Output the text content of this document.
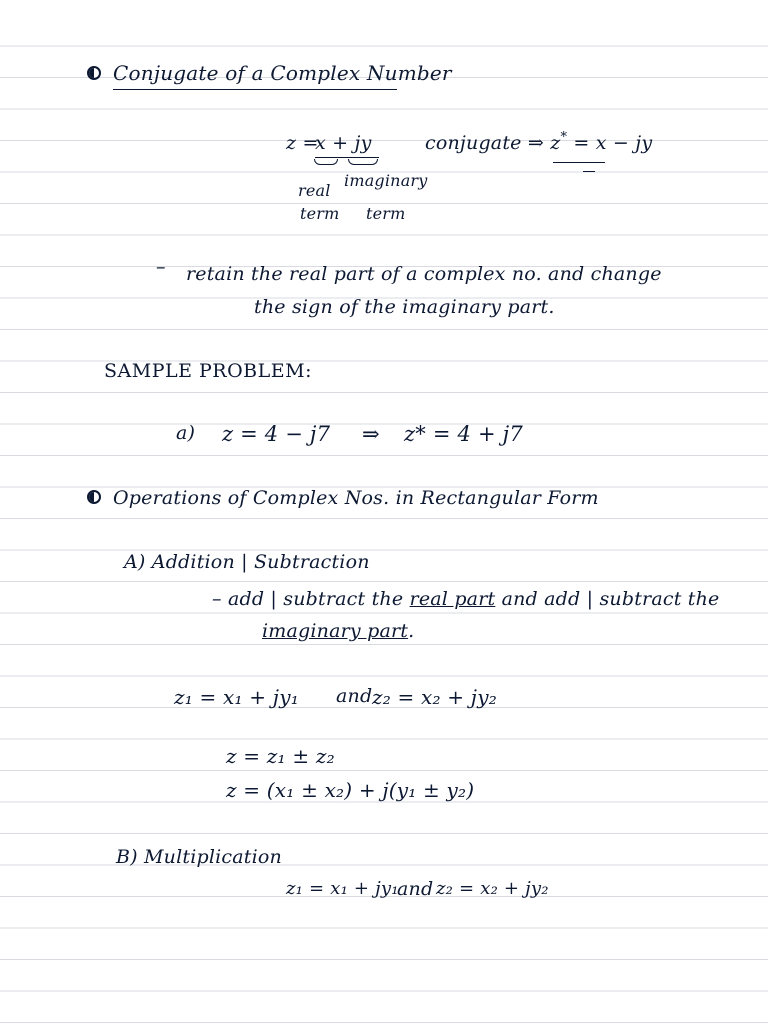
Conjugate of a Complex Number
z =
x + jy
real
term
imaginary
term
conjugate ⇒ z* = x − jy
– retain the real part of a complex no. and change
the sign of the imaginary part.
SAMPLE PROBLEM:
a) z = 4 − j7 ⇒ z* = 4 + j7
Operations of Complex Nos. in Rectangular Form
A) Addition | Subtraction
– add | subtract the real part and add | subtract the
imaginary part.
z₁ = x₁ + jy₁ and z₂ = x₂ + jy₂
z = z₁ ± z₂
z = (x₁ ± x₂) + j(y₁ ± y₂)
B) Multiplication
z₁ = x₁ + jy₁
and z₂ = x₂ + jy₂
